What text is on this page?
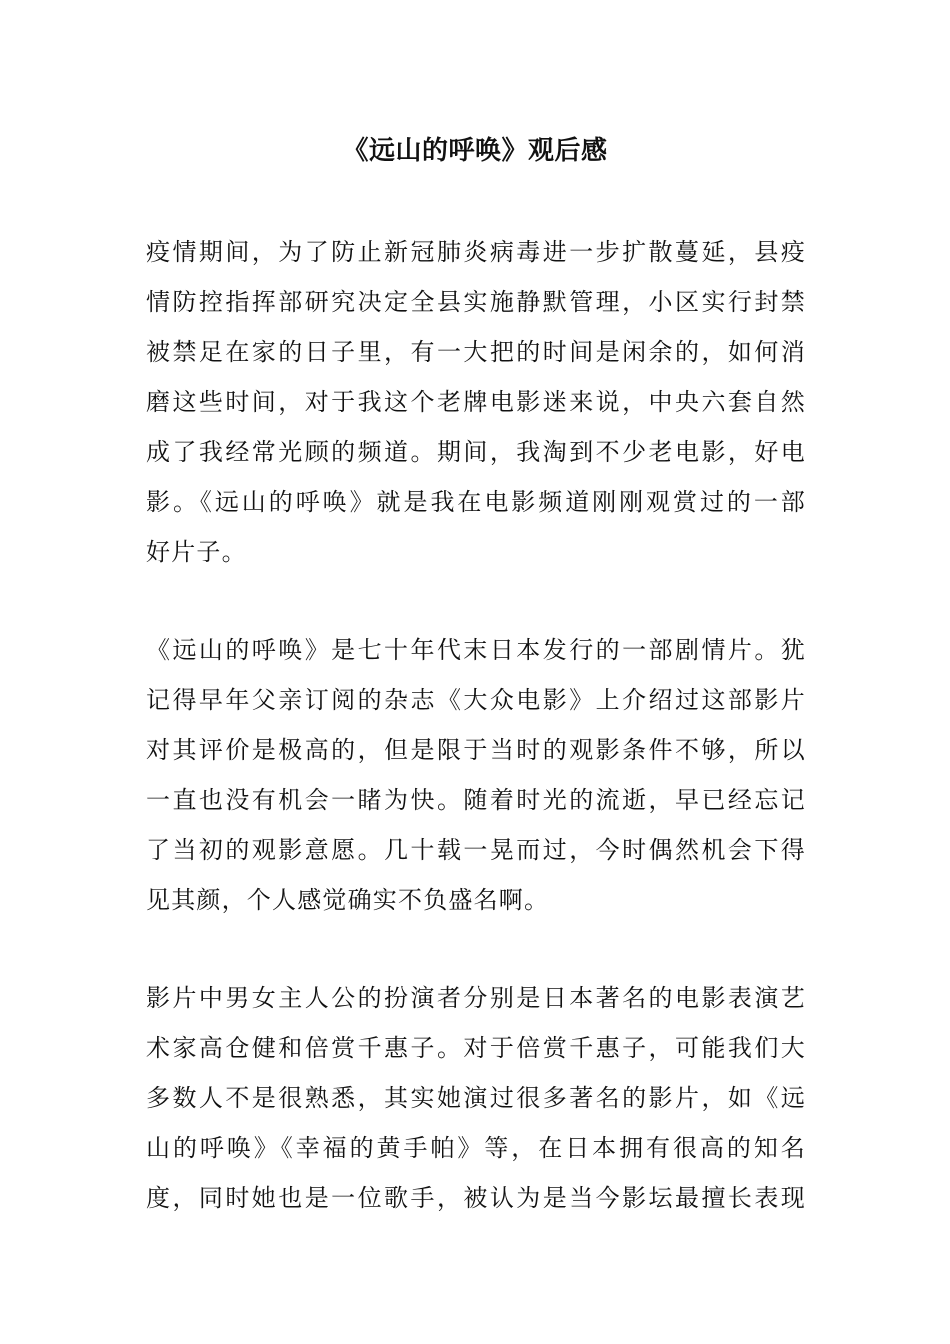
《远山的呼唤》观后感
疫情期间，为了防止新冠肺炎病毒进一步扩散蔓延，县疫
情防控指挥部研究决定全县实施静默管理，小区实行封禁
被禁足在家的日子里，有一大把的时间是闲余的，如何消
磨这些时间，对于我这个老牌电影迷来说，中央六套自然
成了我经常光顾的频道。期间，我淘到不少老电影，好电
影。《远山的呼唤》就是我在电影频道刚刚观赏过的一部
好片子。
《远山的呼唤》是七十年代末日本发行的一部剧情片。犹
记得早年父亲订阅的杂志《大众电影》上介绍过这部影片
对其评价是极高的，但是限于当时的观影条件不够，所以
一直也没有机会一睹为快。随着时光的流逝，早已经忘记
了当初的观影意愿。几十载一晃而过，今时偶然机会下得
见其颜，个人感觉确实不负盛名啊。
影片中男女主人公的扮演者分别是日本著名的电影表演艺
术家高仓健和倍赏千惠子。对于倍赏千惠子，可能我们大
多数人不是很熟悉，其实她演过很多著名的影片，如《远
山的呼唤》《幸福的黄手帕》等，在日本拥有很高的知名
度，同时她也是一位歌手，被认为是当今影坛最擅长表现
